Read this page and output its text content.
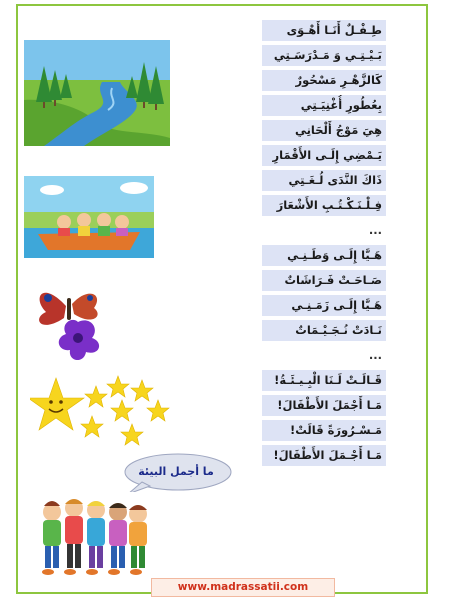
طِـفْـلٌ أَنَـا أَهْـوَى
بَـيْـتِـي وَ مَـدْرَسَـتِي
كَالزَّهْـرِ مَسْحُورٌ
بِعُطُورِ أُغْنِيَـتِي
هِيَ مَوْجُ أَلْحَانِي
يَـمْضِي إِلَـى الأَقْمَارِ
ذَاكَ النَّدَى لُـغَـتِي
فِـلْـنَـكْـتُـبِ الأَشْعَارَ
...
هَـيَّا إِلَـى وَطَـنِـي
صَـاحَـتْ فَـرَاشَاتٌ
هَـيَّا إِلَـى زَمَـنِـي
نَـادَتْ نُـجَـيْـمَاتٌ
...
قَـالَـتْ لَـنَا الْبِـيـئَـةُ!
مَـا أَجْمَلَ الأَطْفَالَ!
مَـسْـرُورَةً قَالَتْ!
مَـا أَجْـمَلَ الأَطْفَالَ!
ما أجمل البيئة
www.madrassatii.com
